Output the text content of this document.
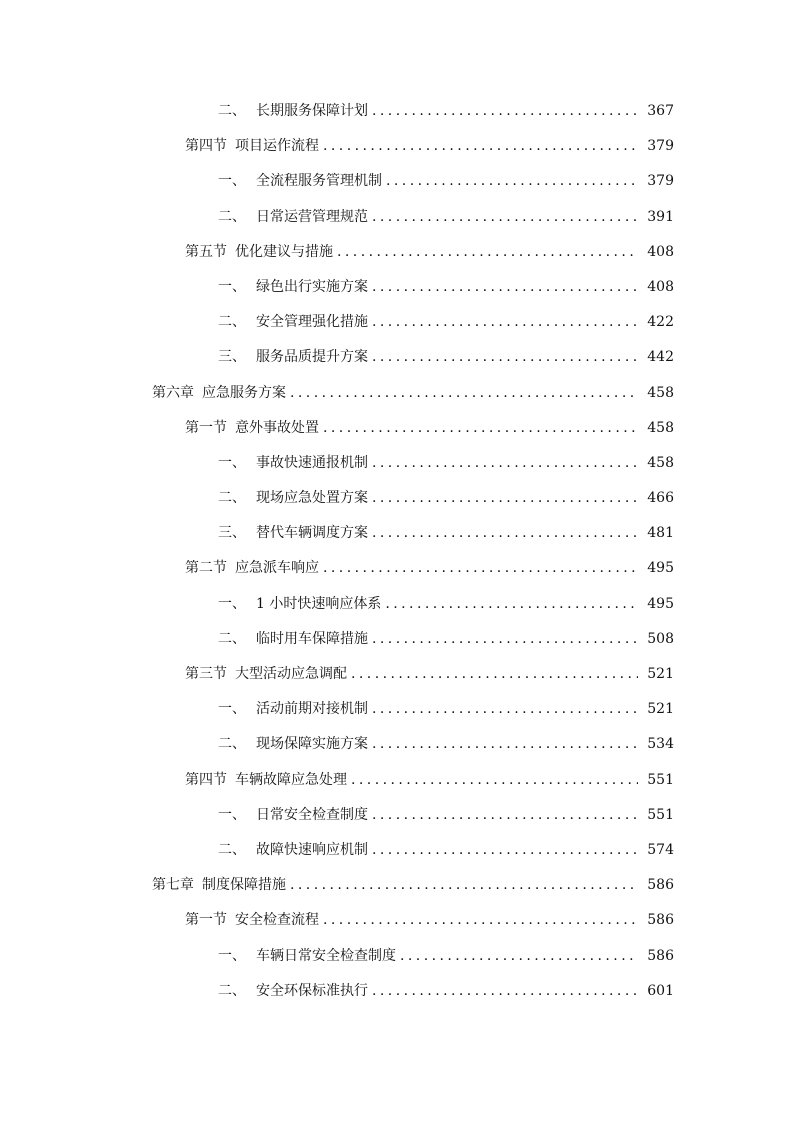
二、 长期服务保障计划 . . .	367
第四节 项目运作流程 . . .	379
一、 全流程服务管理机制 . . .	379
二、 日常运营管理规范 . . .	391
第五节 优化建议与措施 . . .	408
一、 绿色出行实施方案 . . .	408
二、 安全管理强化措施 . . .	422
三、 服务品质提升方案 . . .	442
第六章 应急服务方案 . . .	458
第一节 意外事故处置 . . .	458
一、 事故快速通报机制 . . .	458
二、 现场应急处置方案 . . .	466
三、 替代车辆调度方案 . . .	481
第二节 应急派车响应 . . .	495
一、 1 小时快速响应体系 . . .	495
二、 临时用车保障措施 . . .	508
第三节 大型活动应急调配 . . .	521
一、 活动前期对接机制 . . .	521
二、 现场保障实施方案 . . .	534
第四节 车辆故障应急处理 . . .	551
一、 日常安全检查制度 . . .	551
二、 故障快速响应机制 . . .	574
第七章 制度保障措施 . . .	586
第一节 安全检查流程 . . .	586
一、 车辆日常安全检查制度 . . .	586
二、 安全环保标准执行 . . .	601
